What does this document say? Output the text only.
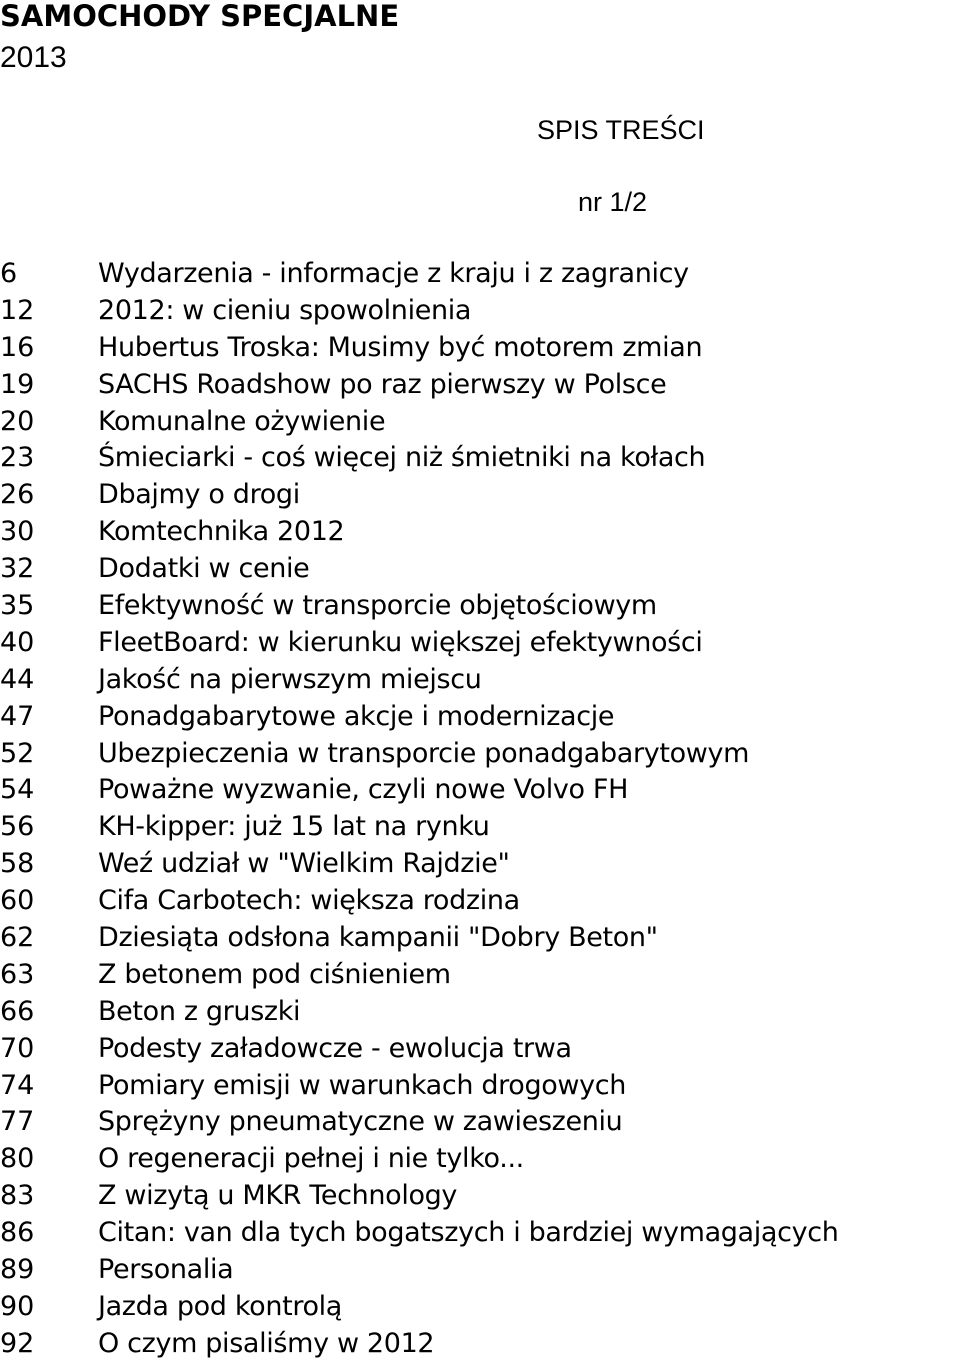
SAMOCHODY SPECJALNE
2013
SPIS TREŚCI
nr 1/2
6	Wydarzenia - informacje z kraju i z zagranicy
12 2012: w cieniu spowolnienia
16 Hubertus Troska: Musimy być motorem zmian
19 SACHS Roadshow po raz pierwszy w Polsce
20 Komunalne ożywienie
23 Śmieciarki - coś więcej niż śmietniki na kołach
26 Dbajmy o drogi
30 Komtechnika 2012
32 Dodatki w cenie
35 Efektywność w transporcie objętościowym
40 FleetBoard: w kierunku większej efektywności
44 Jakość na pierwszym miejscu
47 Ponadgabarytowe akcje i modernizacje
52 Ubezpieczenia w transporcie ponadgabarytowym
54 Poważne wyzwanie, czyli nowe Volvo FH
56 KH-kipper: już 15 lat na rynku
58 Weź udział w "Wielkim Rajdzie"
60 Cifa Carbotech: większa rodzina
62 Dziesiąta odsłona kampanii "Dobry Beton"
63 Z betonem pod ciśnieniem
66 Beton z gruszki
70 Podesty załadowcze - ewolucja trwa
74 Pomiary emisji w warunkach drogowych
77 Sprężyny pneumatyczne w zawieszeniu
80 O regeneracji pełnej i nie tylko...
83 Z wizytą u MKR Technology
86 Citan: van dla tych bogatszych i bardziej wymagających
89 Personalia
90 Jazda pod kontrolą
92 O czym pisaliśmy w 2012
